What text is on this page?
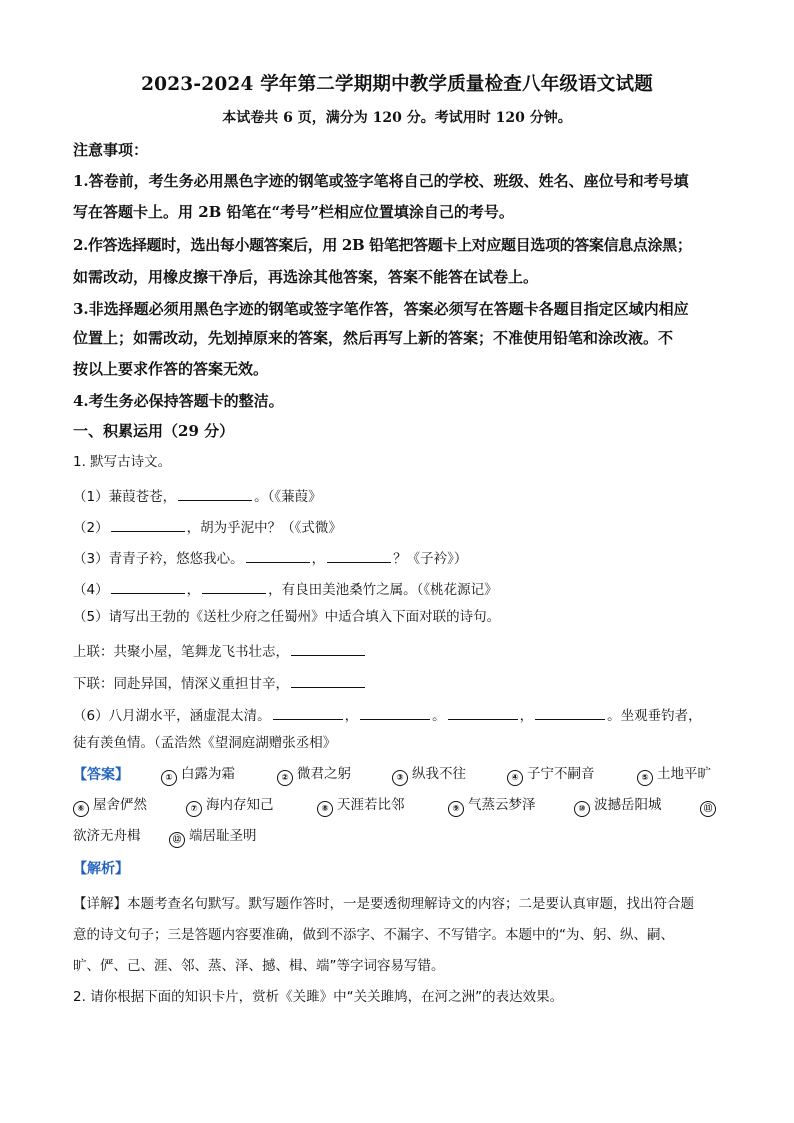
2023-2024 学年第二学期期中教学质量检查八年级语文试题
本试卷共 6 页，满分为 120 分。考试用时 120 分钟。
注意事项：
1.答卷前，考生务必用黑色字迹的钢笔或签字笔将自己的学校、班级、姓名、座位号和考号填
写在答题卡上。用 2B 铅笔在“考号”栏相应位置填涂自己的考号。
2.作答选择题时，选出每小题答案后，用 2B 铅笔把答题卡上对应题目选项的答案信息点涂黑；
如需改动，用橡皮擦干净后，再选涂其他答案，答案不能答在试卷上。
3.非选择题必须用黑色字迹的钢笔或签字笔作答，答案必须写在答题卡各题目指定区域内相应
位置上；如需改动，先划掉原来的答案，然后再写上新的答案；不准使用铅笔和涂改液。不
按以上要求作答的答案无效。
4.考生务必保持答题卡的整洁。
一、积累运用（29 分）
1. 默写古诗文。
（1）蒹葭苍苍，	。（《蒹葭》
（2）	，胡为乎泥中？（《式微》
（3）青青子衿，悠悠我心。	，	？《子衿》）
（4）	，	，有良田美池桑竹之属。（《桃花源记》
（5）请写出王勃的《送杜少府之任蜀州》中适合填入下面对联的诗句。
上联：共聚小屋，笔舞龙飞书壮志，
下联：同赴异国，情深义重担甘辛，
（6）八月湖水平，涵虚混太清。	，	。	，	。坐观垂钓者，
徒有羡鱼情。（孟浩然《望洞庭湖赠张丞相》
【答案】	① 白露为霜	② 微君之躬	③ 纵我不往	④ 子宁不嗣音	⑤ 土地平旷
⑥ 屋舍俨然	⑦ 海内存知己	⑧ 天涯若比邻	⑨ 气蒸云梦泽	⑩ 波撼岳阳城	⑪
欲济无舟楫	⑫ 端居耻圣明
【解析】
【详解】本题考查名句默写。默写题作答时，一是要透彻理解诗文的内容；二是要认真审题，找出符合题
意的诗文句子；三是答题内容要准确，做到不添字、不漏字、不写错字。本题中的“为、躬、纵、嗣、
旷、俨、己、涯、邻、蒸、泽、撼、楫、端”等字词容易写错。
2. 请你根据下面的知识卡片，赏析《关雎》中“关关雎鸠，在河之洲”的表达效果。
